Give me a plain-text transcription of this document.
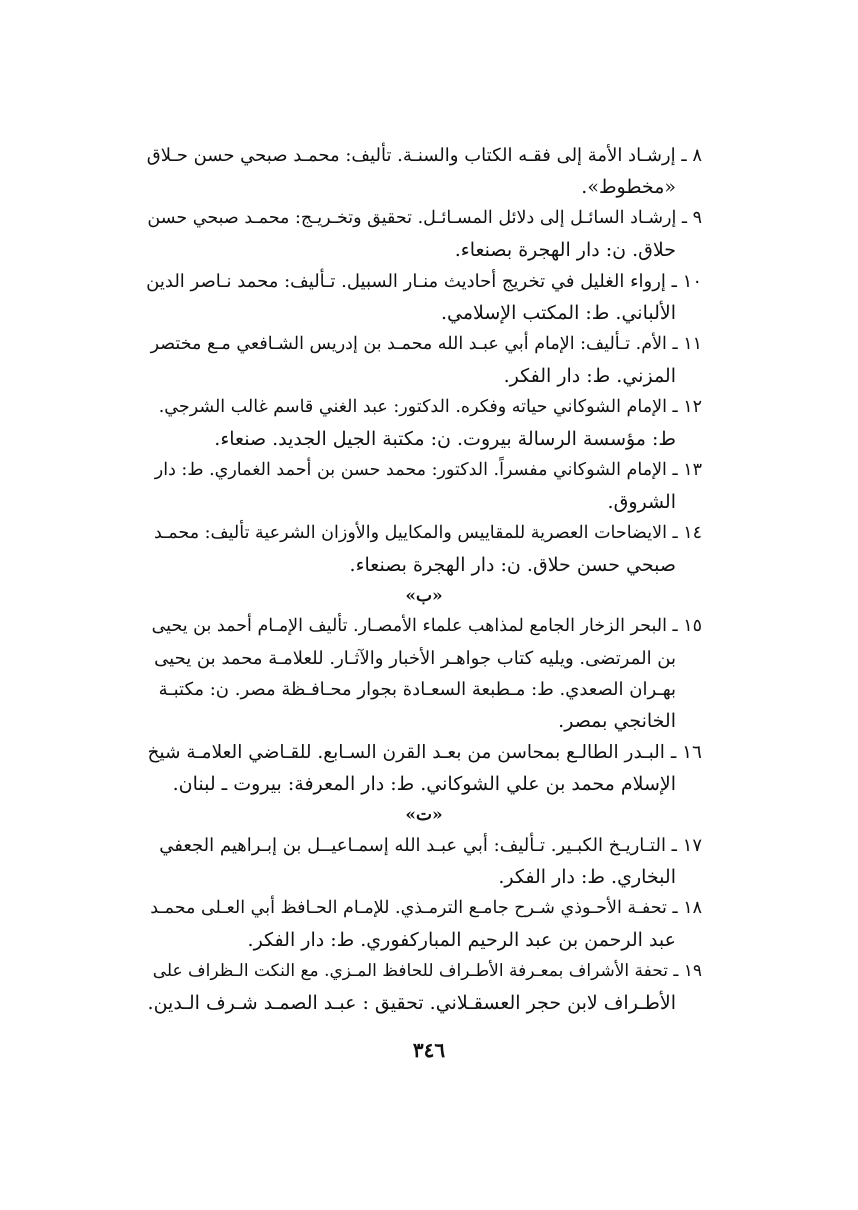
٨ ـ إرشـاد الأمة إلى فقـه الكتاب والسنـة. تأليف: محمـد صبحي حسن حـلاق
«مخطوط».
٩ ـ إرشـاد السائـل إلى دلائل المسـائـل. تحقيق وتخـريـج: محمـد صبحي حسن
حلاق. ن: دار الهجرة بصنعاء.
١٠ ـ إرواء الغليل في تخريج أحاديث منـار السبيل. تـأليف: محمد نـاصر الدين
الألباني. ط: المكتب الإسلامي.
١١ ـ الأم. تـأليف: الإمام أبي عبـد الله محمـد بن إدريس الشـافعي مـع مختصر
المزني. ط: دار الفكر.
١٢ ـ الإمام الشوكاني حياته وفكره. الدكتور: عبد الغني قاسم غالب الشرجي.
ط: مؤسسة الرسالة بيروت. ن: مكتبة الجيل الجديد. صنعاء.
١٣ ـ الإمام الشوكاني مفسراً. الدكتور: محمد حسن بن أحمد الغماري. ط: دار
الشروق.
١٤ ـ الايضاحات العصرية للمقاييس والمكاييل والأوزان الشرعية تأليف: محمـد
صبحي حسن حلاق. ن: دار الهجرة بصنعاء.
«ب»
١٥ ـ البحر الزخار الجامع لمذاهب علماء الأمصـار. تأليف الإمـام أحمد بن يحيى
بن المرتضى. ويليه كتاب جواهـر الأخبار والآثـار. للعلامـة محمد بن يحيى
بهـران الصعدي. ط: مـطبعة السعـادة بجوار محـافـظة مصر. ن: مكتبـة
الخانجي بمصر.
١٦ ـ البـدر الطالـع بمحاسن من بعـد القرن السـابع. للقـاضي العلامـة شيخ
الإسلام محمد بن علي الشوكاني. ط: دار المعرفة: بيروت ـ لبنان.
«ت»
١٧ ـ التـاريـخ الكبـير. تـأليف: أبي عبـد الله إسمـاعيــل بن إبـراهيم الجعفي
البخاري. ط: دار الفكر.
١٨ ـ تحفـة الأحـوذي شـرح جامـع الترمـذي. للإمـام الحـافظ أبي العـلى محمـد
عبد الرحمن بن عبد الرحيم المباركفوري. ط: دار الفكر.
١٩ ـ تحفة الأشراف بمعـرفة الأطـراف للحافظ المـزي. مع النكت الـظراف على
الأطـراف لابن حجر العسقـلاني. تحقيق : عبـد الصمـد شـرف الـدين.
٣٤٦
